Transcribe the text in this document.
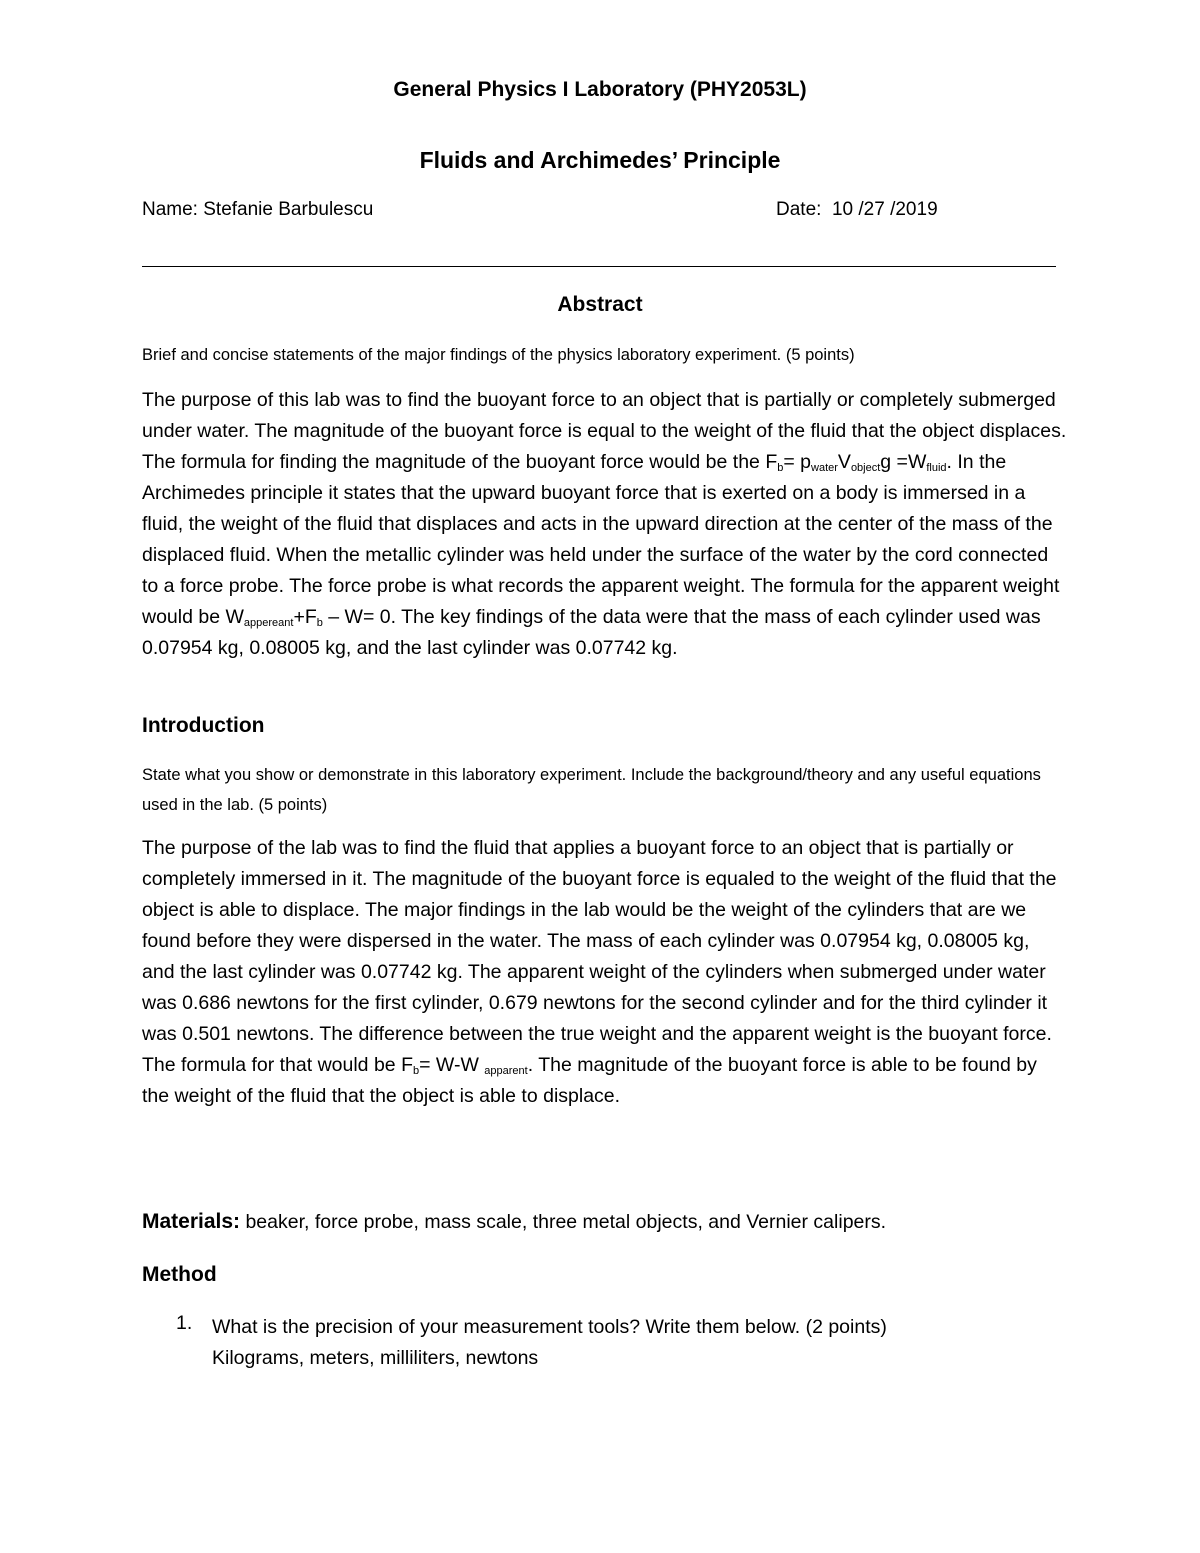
General Physics I Laboratory (PHY2053L)
Fluids and Archimedes’ Principle
Name: Stefanie Barbulescu	Date: 10 /27 /2019
Abstract

Brief and concise statements of the major findings of the physics laboratory experiment. (5 points)

The purpose of this lab was to find the buoyant force to an object that is partially or completely submerged under water. The magnitude of the buoyant force is equal to the weight of the fluid that the object displaces. The formula for finding the magnitude of the buoyant force would be the $F_b= p_{water}V_{object}g =W_{fluid}$. In the Archimedes principle it states that the upward buoyant force that is exerted on a body is immersed in a fluid, the weight of the fluid that displaces and acts in the upward direction at the center of the mass of the displaced fluid. When the metallic cylinder was held under the surface of the water by the cord connected to a force probe. The force probe is what records the apparent weight. The formula for the apparent weight would be $W_{appereant}+F_b - W= 0$. The key findings of the data were that the mass of each cylinder used was 0.07954 kg, 0.08005 kg, and the last cylinder was 0.07742 kg.

Introduction

State what you show or demonstrate in this laboratory experiment. Include the background/theory and any useful equations used in the lab. (5 points)

The purpose of the lab was to find the fluid that applies a buoyant force to an object that is partially or completely immersed in it. The magnitude of the buoyant force is equaled to the weight of the fluid that the object is able to displace. The major findings in the lab would be the weight of the cylinders that are we found before they were dispersed in the water. The mass of each cylinder was 0.07954 kg, 0.08005 kg, and the last cylinder was 0.07742 kg. The apparent weight of the cylinders when submerged under water was 0.686 newtons for the first cylinder, 0.679 newtons for the second cylinder and for the third cylinder it was 0.501 newtons. The difference between the true weight and the apparent weight is the buoyant force. The formula for that would be $F_b= W-W$ $_{apparent}$. The magnitude of the buoyant force is able to be found by the weight of the fluid that the object is able to displace.

Materials: beaker, force probe, mass scale, three metal objects, and Vernier calipers.
Method
1. What is the precision of your measurement tools? Write them below. (2 points)
Kilograms, meters, milliliters, newtons
